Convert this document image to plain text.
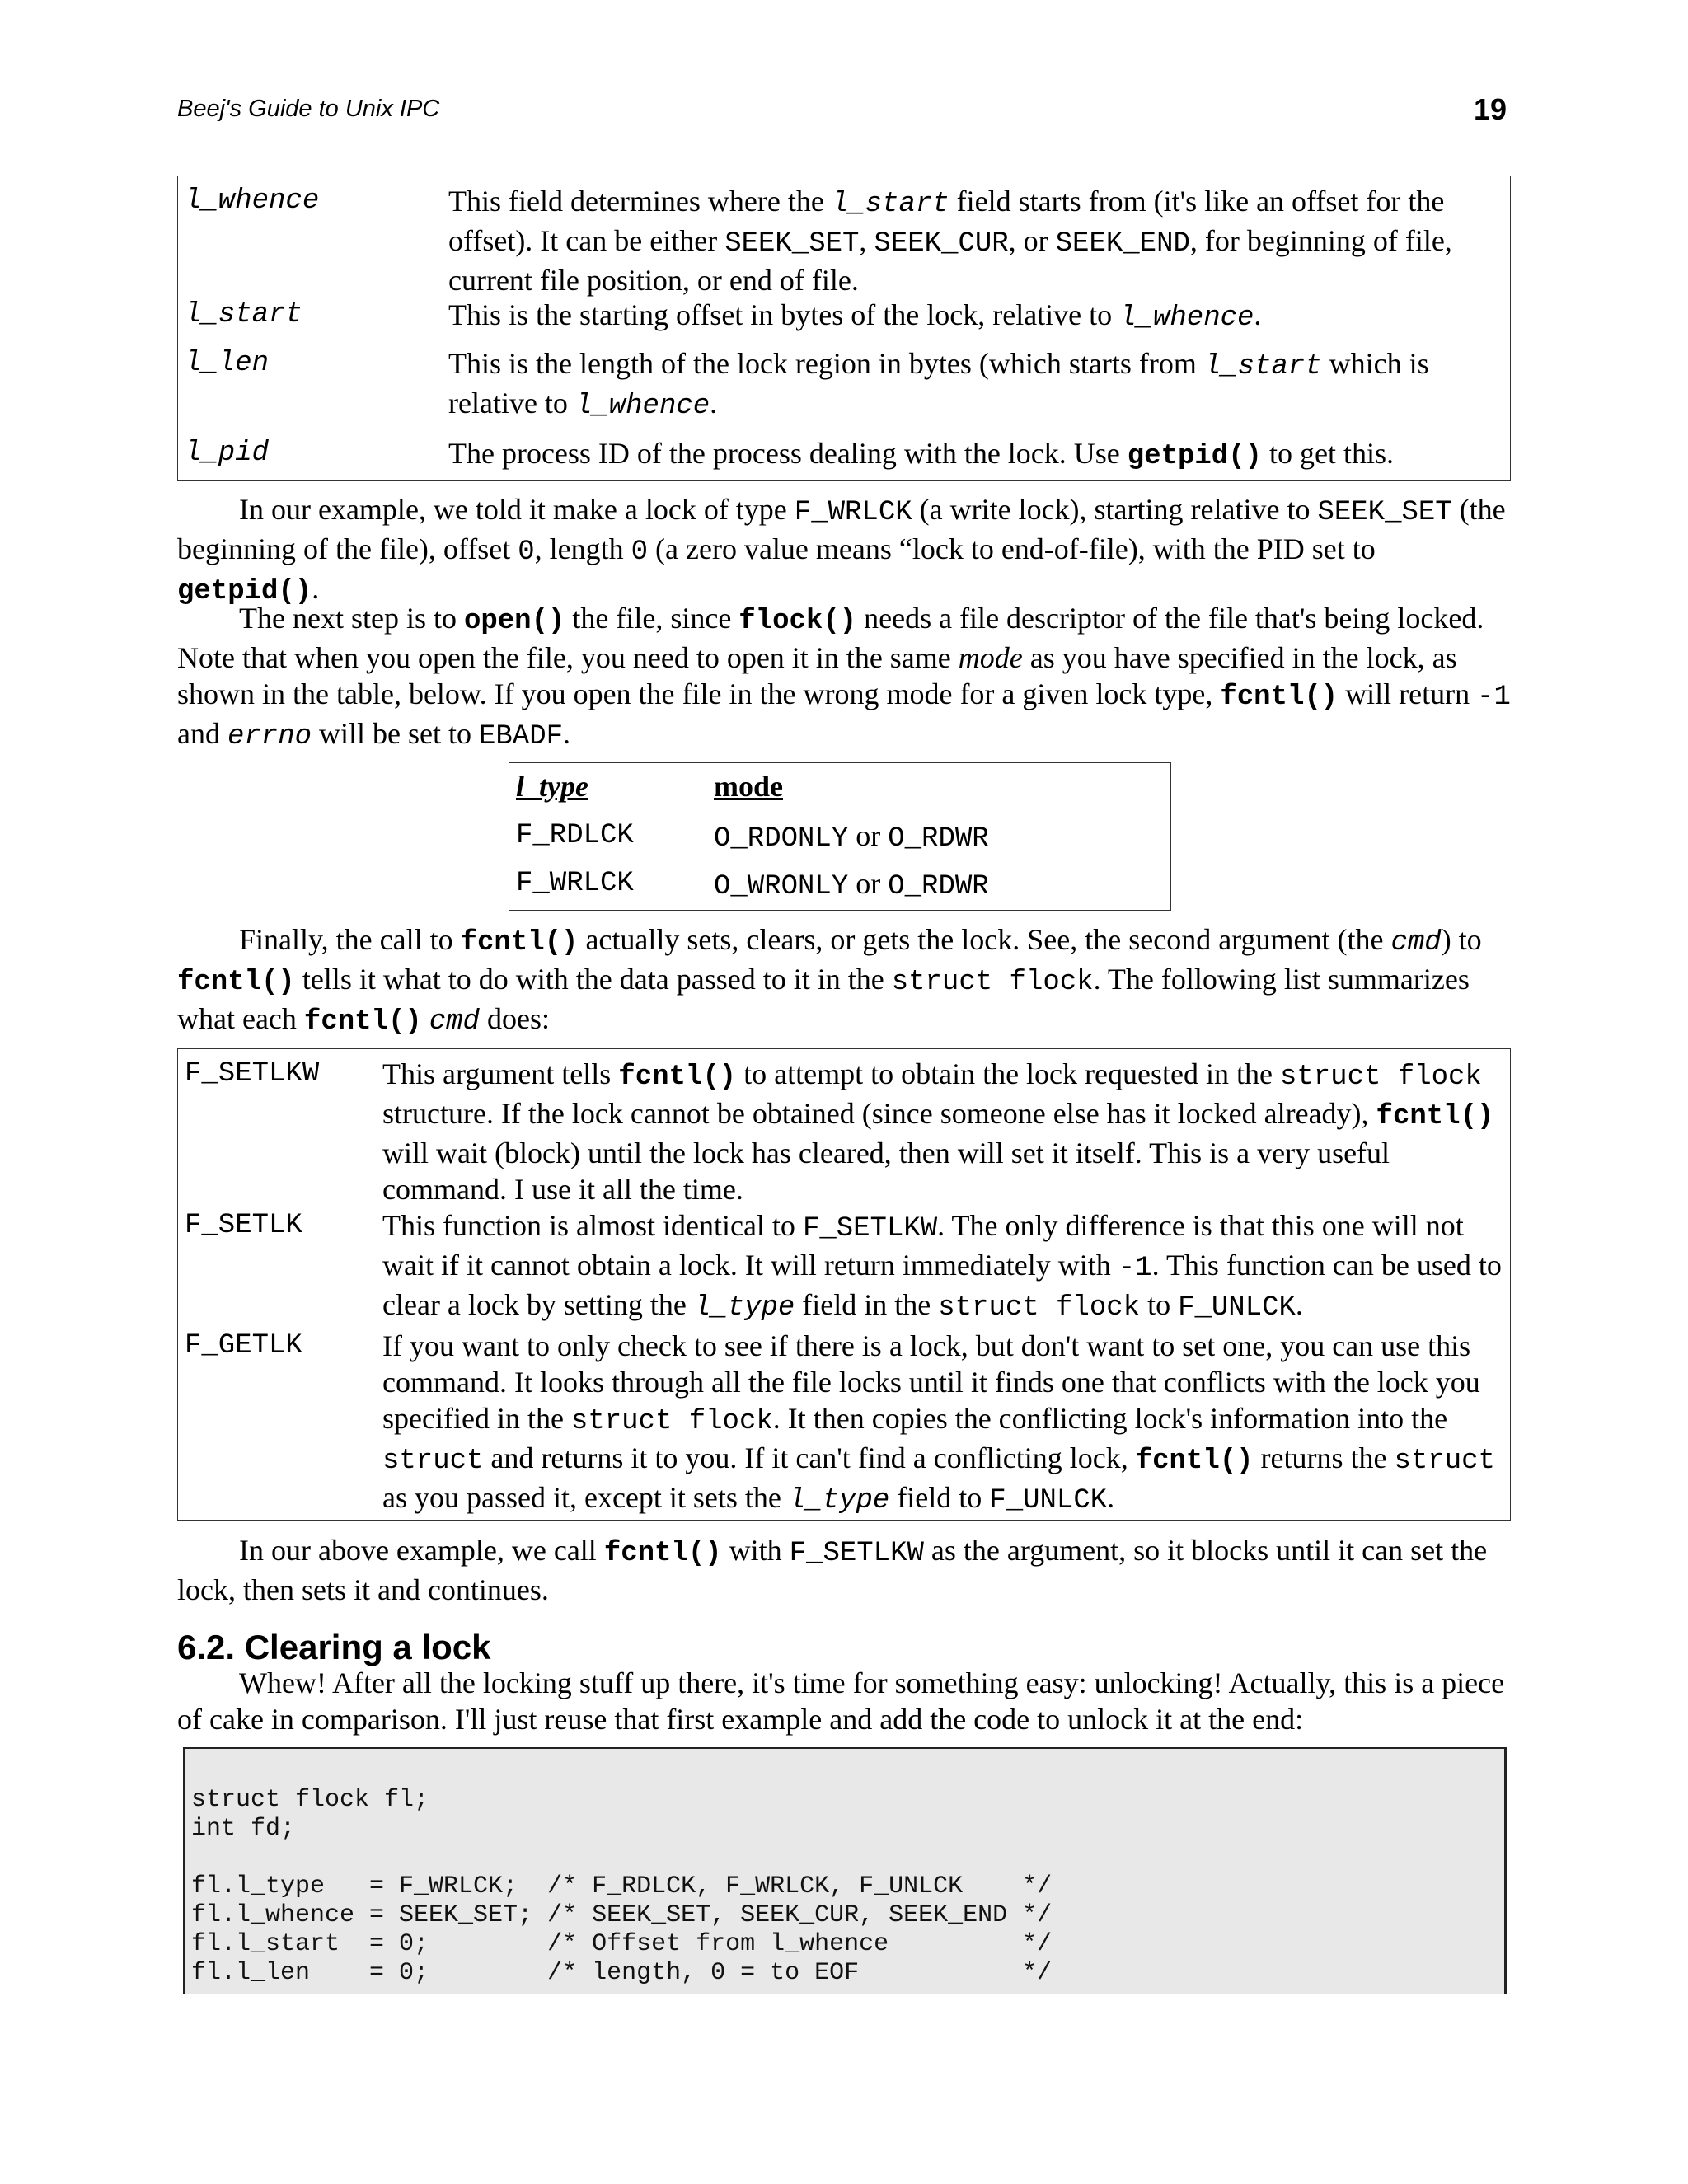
Beej's Guide to Unix IPC	19
l_whence	This field determines where the l_start field starts from (it's like an offset for the offset). It can be either SEEK_SET, SEEK_CUR, or SEEK_END, for beginning of file, current file position, or end of file.
l_start	This is the starting offset in bytes of the lock, relative to l_whence.
l_len	This is the length of the lock region in bytes (which starts from l_start which is relative to l_whence.
l_pid	The process ID of the process dealing with the lock. Use getpid() to get this.

In our example, we told it make a lock of type F_WRLCK (a write lock), starting relative to SEEK_SET (the beginning of the file), offset 0, length 0 (a zero value means “lock to end-of-file), with the PID set to getpid().

The next step is to open() the file, since flock() needs a file descriptor of the file that's being locked. Note that when you open the file, you need to open it in the same mode as you have specified in the lock, as shown in the table, below. If you open the file in the wrong mode for a given lock type, fcntl() will return -1 and errno will be set to EBADF.

l_type	mode
F_RDLCK	O_RDONLY or O_RDWR
F_WRLCK	O_WRONLY or O_RDWR

Finally, the call to fcntl() actually sets, clears, or gets the lock. See, the second argument (the cmd) to fcntl() tells it what to do with the data passed to it in the struct flock. The following list summarizes what each fcntl() cmd does:

F_SETLKW This argument tells fcntl() to attempt to obtain the lock requested in the struct flock structure. If the lock cannot be obtained (since someone else has it locked already), fcntl() will wait (block) until the lock has cleared, then will set it itself. This is a very useful command. I use it all the time.
F_SETLK	This function is almost identical to F_SETLKW. The only difference is that this one will not wait if it cannot obtain a lock. It will return immediately with -1. This function can be used to clear a lock by setting the l_type field in the struct flock to F_UNLCK.
F_GETLK	If you want to only check to see if there is a lock, but don't want to set one, you can use this command. It looks through all the file locks until it finds one that conflicts with the lock you specified in the struct flock. It then copies the conflicting lock's information into the struct and returns it to you. If it can't find a conflicting lock, fcntl() returns the struct as you passed it, except it sets the l_type field to F_UNLCK.

In our above example, we call fcntl() with F_SETLKW as the argument, so it blocks until it can set the lock, then sets it and continues.

6.2. Clearing a lock

Whew! After all the locking stuff up there, it's time for something easy: unlocking! Actually, this is a piece of cake in comparison. I'll just reuse that first example and add the code to unlock it at the end:

struct flock fl;
int fd;

fl.l_type   = F_WRLCK;  /* F_RDLCK, F_WRLCK, F_UNLCK    */
fl.l_whence = SEEK_SET; /* SEEK_SET, SEEK_CUR, SEEK_END */
fl.l_start  = 0;        /* Offset from l_whence         */
fl.l_len    = 0;        /* length, 0 = to EOF           */
